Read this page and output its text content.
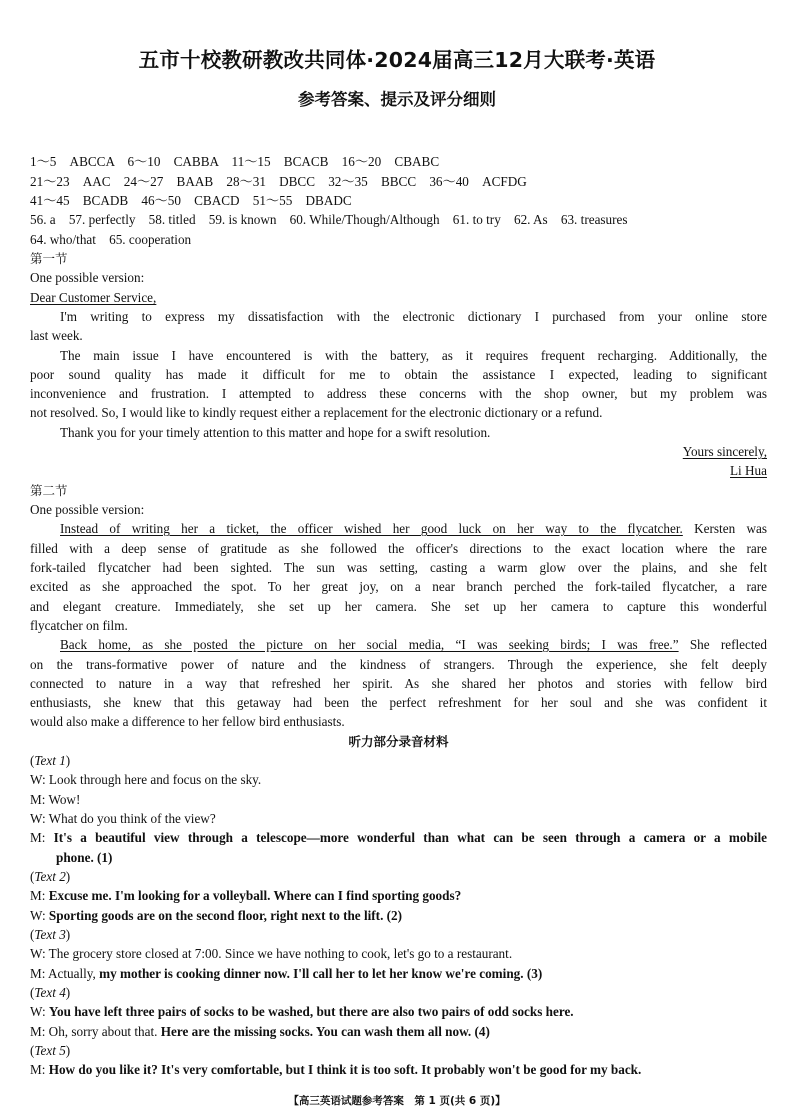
五市十校教研教改共同体·2024届高三12月大联考·英语
参考答案、提示及评分细则
1～5　ABCCA　6～10　CABBA　11～15　BCACB　16～20　CBABC
21～23　AAC　24～27　BAAB　28～31　DBCC　32～35　BBCC　36～40　ACFDG
41～45　BCADB　46～50　CBACD　51～55　DBADC
56. a　57. perfectly　58. titled　59. is known　60. While/Though/Although　61. to try　62. As　63. treasures
64. who/that　65. cooperation
第一节
One possible version:
Dear Customer Service,
I'm writing to express my dissatisfaction with the electronic dictionary I purchased from your online store
last week.
The main issue I have encountered is with the battery, as it requires frequent recharging. Additionally, the
poor sound quality has made it difficult for me to obtain the assistance I expected, leading to significant
inconvenience and frustration. I attempted to address these concerns with the shop owner, but my problem was
not resolved. So, I would like to kindly request either a replacement for the electronic dictionary or a refund.
Thank you for your timely attention to this matter and hope for a swift resolution.
Yours sincerely,
Li Hua
第二节
One possible version:
Instead of writing her a ticket, the officer wished her good luck on her way to the flycatcher. Kersten was
filled with a deep sense of gratitude as she followed the officer's directions to the exact location where the rare
fork-tailed flycatcher had been sighted. The sun was setting, casting a warm glow over the plains, and she felt
excited as she approached the spot. To her great joy, on a near branch perched the fork-tailed flycatcher, a rare
and elegant creature. Immediately, she set up her camera. She set up her camera to capture this wonderful
flycatcher on film.
Back home, as she posted the picture on her social media, “I was seeking birds; I was free.” She reflected
on the trans-formative power of nature and the kindness of strangers. Through the experience, she felt deeply
connected to nature in a way that refreshed her spirit. As she shared her photos and stories with fellow bird
enthusiasts, she knew that this getaway had been the perfect refreshment for her soul and she was confident it
would also make a difference to her fellow bird enthusiasts.
听力部分录音材料
(Text 1)
W: Look through here and focus on the sky.
M: Wow!
W: What do you think of the view?
M: It's a beautiful view through a telescope—more wonderful than what can be seen through a camera or a mobile
phone. (1)
(Text 2)
M: Excuse me. I'm looking for a volleyball. Where can I find sporting goods?
W: Sporting goods are on the second floor, right next to the lift. (2)
(Text 3)
W: The grocery store closed at 7:00. Since we have nothing to cook, let's go to a restaurant.
M: Actually, my mother is cooking dinner now. I'll call her to let her know we're coming. (3)
(Text 4)
W: You have left three pairs of socks to be washed, but there are also two pairs of odd socks here.
M: Oh, sorry about that. Here are the missing socks. You can wash them all now. (4)
(Text 5)
M: How do you like it? It's very comfortable, but I think it is too soft. It probably won't be good for my back.
【高三英语试题参考答案　第 1 页(共 6 页)】
